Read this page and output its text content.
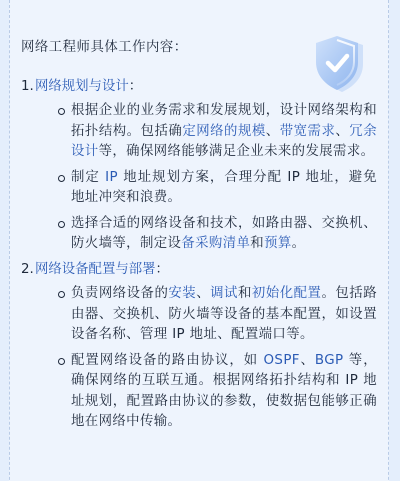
网络工程师具体工作内容：
1. 网络规划与设计 ：
根据企业的业务需求和发展规划，设计网络架构和拓扑结构。包括确定网络的规模、带宽需求、冗余设计等，确保网络能够满足企业未来的发展需求。
制定 IP 地址规划方案，合理分配 IP 地址，避免地址冲突和浪费。
选择合适的网络设备和技术，如路由器、交换机、防火墙等，制定设备采购清单和预算。
2. 网络设备配置与部署 ：
负责网络设备的安装、调试和初始化配置。包括路由器、交换机、防火墙等设备的基本配置，如设置设备名称、管理 IP 地址、配置端口等。
配置网络设备的路由协议，如 OSPF、BGP 等，确保网络的互联互通。根据网络拓扑结构和 IP 地址规划，配置路由协议的参数，使数据包能够正确地在网络中传输。
